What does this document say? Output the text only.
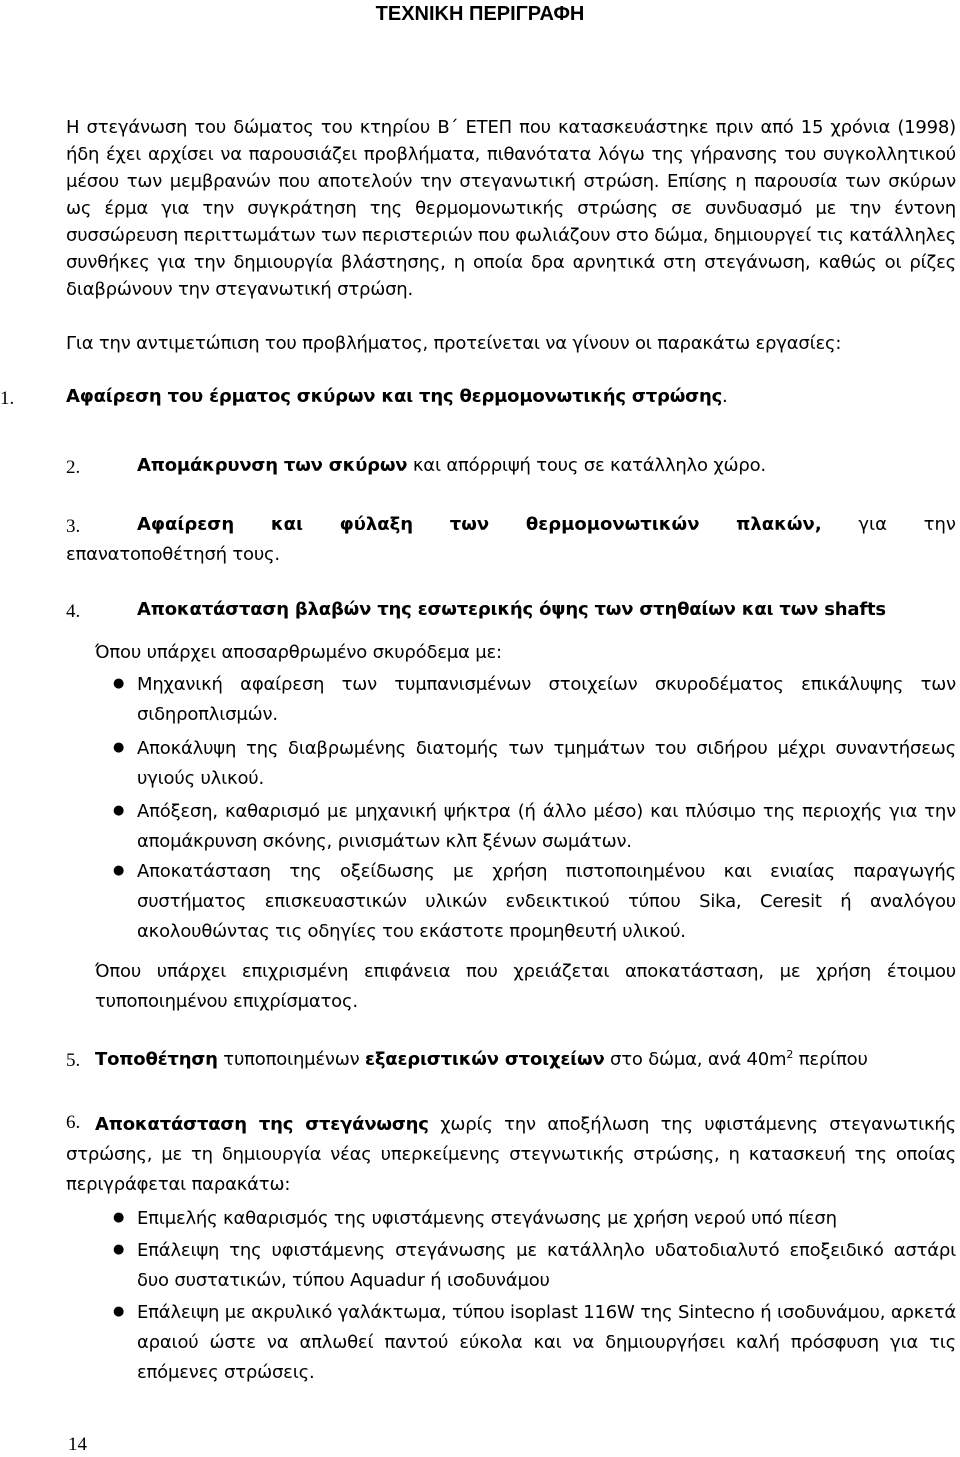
ΤΕΧΝΙΚΗ ΠΕΡΙΓΡΑΦΗ
Η στεγάνωση του δώματος του κτηρίου Β΄ ΕΤΕΠ που κατασκευάστηκε πριν από 15 χρόνια (1998) ήδη έχει αρχίσει να παρουσιάζει προβλήματα, πιθανότατα λόγω της γήρανσης του συγκολλητικού μέσου των μεμβρανών που αποτελούν την στεγανωτική στρώση. Επίσης η παρουσία των σκύρων ως έρμα για την συγκράτηση της θερμομονωτικής στρώσης σε συνδυασμό με την έντονη συσσώρευση περιττωμάτων των περιστεριών που φωλιάζουν στο δώμα, δημιουργεί τις κατάλληλες συνθήκες για την δημιουργία βλάστησης, η οποία δρα αρνητικά στη στεγάνωση, καθώς οι ρίζες διαβρώνουν την στεγανωτική στρώση.
Για την αντιμετώπιση του προβλήματος, προτείνεται να γίνουν οι παρακάτω εργασίες:
1.	Αφαίρεση του έρματος σκύρων και της θερμομονωτικής στρώσης.
2.	Απομάκρυνση των σκύρων και απόρριψή τους σε κατάλληλο χώρο.
3.	Αφαίρεση και φύλαξη των θερμομονωτικών πλακών, για την
επανατοποθέτησή τους.
4.	Αποκατάσταση βλαβών της εσωτερικής όψης των στηθαίων και των shafts
Όπου υπάρχει αποσαρθρωμένο σκυρόδεμα με:
● Μηχανική αφαίρεση των τυμπανισμένων στοιχείων σκυροδέματος επικάλυψης των σιδηροπλισμών.
● Αποκάλυψη της διαβρωμένης διατομής των τμημάτων του σιδήρου μέχρι συναντήσεως υγιούς υλικού.
● Απόξεση, καθαρισμό με μηχανική ψήκτρα (ή άλλο μέσο) και πλύσιμο της περιοχής για την απομάκρυνση σκόνης, ρινισμάτων κλπ ξένων σωμάτων.
● Αποκατάσταση της οξείδωσης με χρήση πιστοποιημένου και ενιαίας παραγωγής συστήματος επισκευαστικών υλικών ενδεικτικού τύπου Sika, Ceresit ή αναλόγου ακολουθώντας τις οδηγίες του εκάστοτε προμηθευτή υλικού.
Όπου υπάρχει επιχρισμένη επιφάνεια που χρειάζεται αποκατάσταση, με χρήση έτοιμου τυποποιημένου επιχρίσματος.
5. Τοποθέτηση τυποποιημένων εξαεριστικών στοιχείων στο δώμα, ανά $40m^2$ περίπου
6. Αποκατάσταση της στεγάνωσης χωρίς την αποξήλωση της υφιστάμενης στεγανωτικής στρώσης, με τη δημιουργία νέας υπερκείμενης στεγνωτικής στρώσης, η κατασκευή της οποίας περιγράφεται παρακάτω:
● Επιμελής καθαρισμός της υφιστάμενης στεγάνωσης με χρήση νερού υπό πίεση
● Επάλειψη της υφιστάμενης στεγάνωσης με κατάλληλο υδατοδιαλυτό εποξειδικό αστάρι δυο συστατικών, τύπου Aquadur ή ισοδυνάμου
● Επάλειψη με ακρυλικό γαλάκτωμα, τύπου isoplast 116W της Sintecno ή ισοδυνάμου, αρκετά αραιού ώστε να απλωθεί παντού εύκολα και να δημιουργήσει καλή πρόσφυση για τις επόμενες στρώσεις.
14
